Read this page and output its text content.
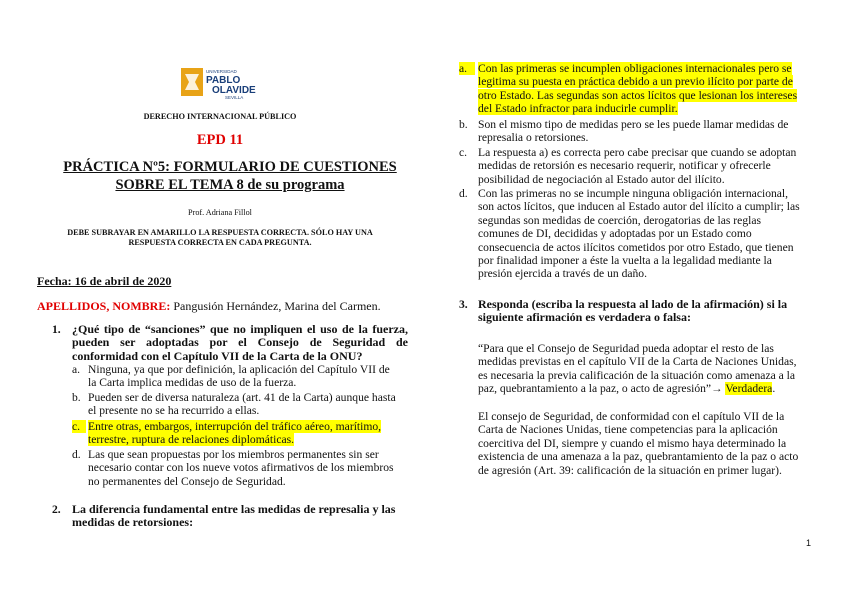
UNIVERSIDAD
PABLO
OLAVIDE
SEVILLA
DERECHO INTERNACIONAL PÚBLICO
EPD 11
PRÁCTICA Nº5: FORMULARIO DE CUESTIONES
SOBRE EL TEMA 8 de su programa
Prof. Adriana Fillol
DEBE SUBRAYAR EN AMARILLO LA RESPUESTA CORRECTA. SÓLO HAY UNA
RESPUESTA CORRECTA EN CADA PREGUNTA.
Fecha: 16 de abril de 2020
APELLIDOS, NOMBRE: Pangusión Hernández, Marina del Carmen.
1. ¿Qué tipo de “sanciones” que no impliquen el uso de la fuerza,
pueden ser adoptadas por el Consejo de Seguridad de
conformidad con el Capítulo VII de la Carta de la ONU?
a. Ninguna, ya que por definición, la aplicación del Capítulo VII de
la Carta implica medidas de uso de la fuerza.
b. Pueden ser de diversa naturaleza (art. 41 de la Carta) aunque hasta
el presente no se ha recurrido a ellas.
c. Entre otras, embargos, interrupción del tráfico aéreo, marítimo,
terrestre, ruptura de relaciones diplomáticas.
d. Las que sean propuestas por los miembros permanentes sin ser
necesario contar con los nueve votos afirmativos de los miembros
no permanentes del Consejo de Seguridad.
2. La diferencia fundamental entre las medidas de represalia y las
medidas de retorsiones:
a. Con las primeras se incumplen obligaciones internacionales pero se
legitima su puesta en práctica debido a un previo ilícito por parte de
otro Estado. Las segundas son actos lícitos que lesionan los intereses
del Estado infractor para inducirle cumplir.
b. Son el mismo tipo de medidas pero se les puede llamar medidas de
represalia o retorsiones.
c. La respuesta a) es correcta pero cabe precisar que cuando se adoptan
medidas de retorsión es necesario requerir, notificar y ofrecerle
posibilidad de negociación al Estado autor del ilícito.
d. Con las primeras no se incumple ninguna obligación internacional,
son actos lícitos, que inducen al Estado autor del ilícito a cumplir; las
segundas son medidas de coerción, derogatorias de las reglas
comunes de DI, decididas y adoptadas por un Estado como
consecuencia de actos ilícitos cometidos por otro Estado, que tienen
por finalidad imponer a éste la vuelta a la legalidad mediante la
presión ejercida a través de un daño.
3. Responda (escriba la respuesta al lado de la afirmación) si la
siguiente afirmación es verdadera o falsa:
“Para que el Consejo de Seguridad pueda adoptar el resto de las
medidas previstas en el capítulo VII de la Carta de Naciones Unidas,
es necesaria la previa calificación de la situación como amenaza a la
paz, quebrantamiento a la paz, o acto de agresión”→ Verdadera.
El consejo de Seguridad, de conformidad con el capítulo VII de la
Carta de Naciones Unidas, tiene competencias para la aplicación
coercitiva del DI, siempre y cuando el mismo haya determinado la
existencia de una amenaza a la paz, quebrantamiento de la paz o acto
de agresión (Art. 39: calificación de la situación en primer lugar).
1
